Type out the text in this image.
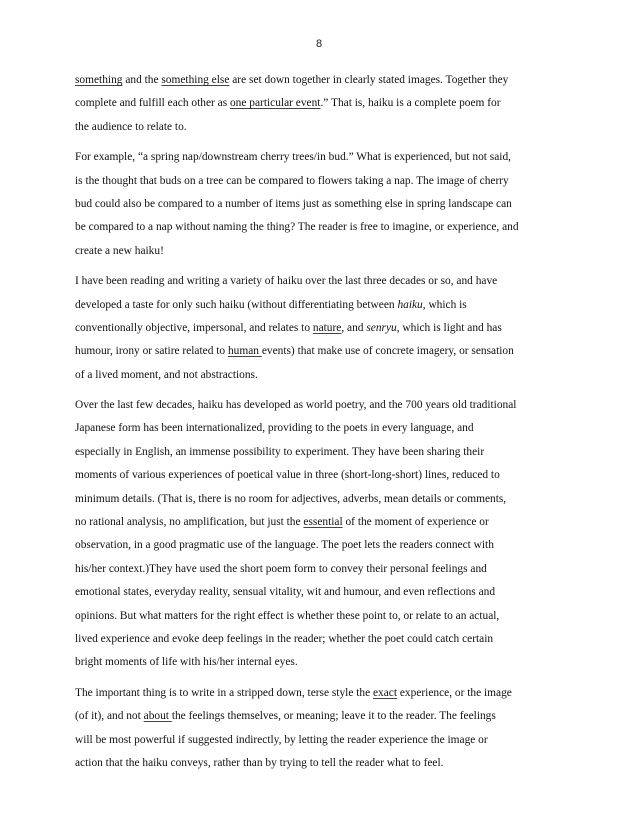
8
something and the something else are set down together in clearly stated images. Together they
complete and fulfill each other as one particular event.” That is, haiku is a complete poem for
the audience to relate to.
For example, “a spring nap/downstream cherry trees/in bud.” What is experienced, but not said,
is the thought that buds on a tree can be compared to flowers taking a nap. The image of cherry
bud could also be compared to a number of items just as something else in spring landscape can
be compared to a nap without naming the thing? The reader is free to imagine, or experience, and
create a new haiku!
I have been reading and writing a variety of haiku over the last three decades or so, and have
developed a taste for only such haiku (without differentiating between haiku, which is
conventionally objective, impersonal, and relates to nature, and senryu, which is light and has
humour, irony or satire related to human events) that make use of concrete imagery, or sensation
of a lived moment, and not abstractions.
Over the last few decades, haiku has developed as world poetry, and the 700 years old traditional
Japanese form has been internationalized, providing to the poets in every language, and
especially in English, an immense possibility to experiment. They have been sharing their
moments of various experiences of poetical value in three (short-long-short) lines, reduced to
minimum details. (That is, there is no room for adjectives, adverbs, mean details or comments,
no rational analysis, no amplification, but just the essential of the moment of experience or
observation, in a good pragmatic use of the language. The poet lets the readers connect with
his/her context.)They have used the short poem form to convey their personal feelings and
emotional states, everyday reality, sensual vitality, wit and humour, and even reflections and
opinions. But what matters for the right effect is whether these point to, or relate to an actual,
lived experience and evoke deep feelings in the reader; whether the poet could catch certain
bright moments of life with his/her internal eyes.
The important thing is to write in a stripped down, terse style the exact experience, or the image
(of it), and not about the feelings themselves, or meaning; leave it to the reader. The feelings
will be most powerful if suggested indirectly, by letting the reader experience the image or
action that the haiku conveys, rather than by trying to tell the reader what to feel.
